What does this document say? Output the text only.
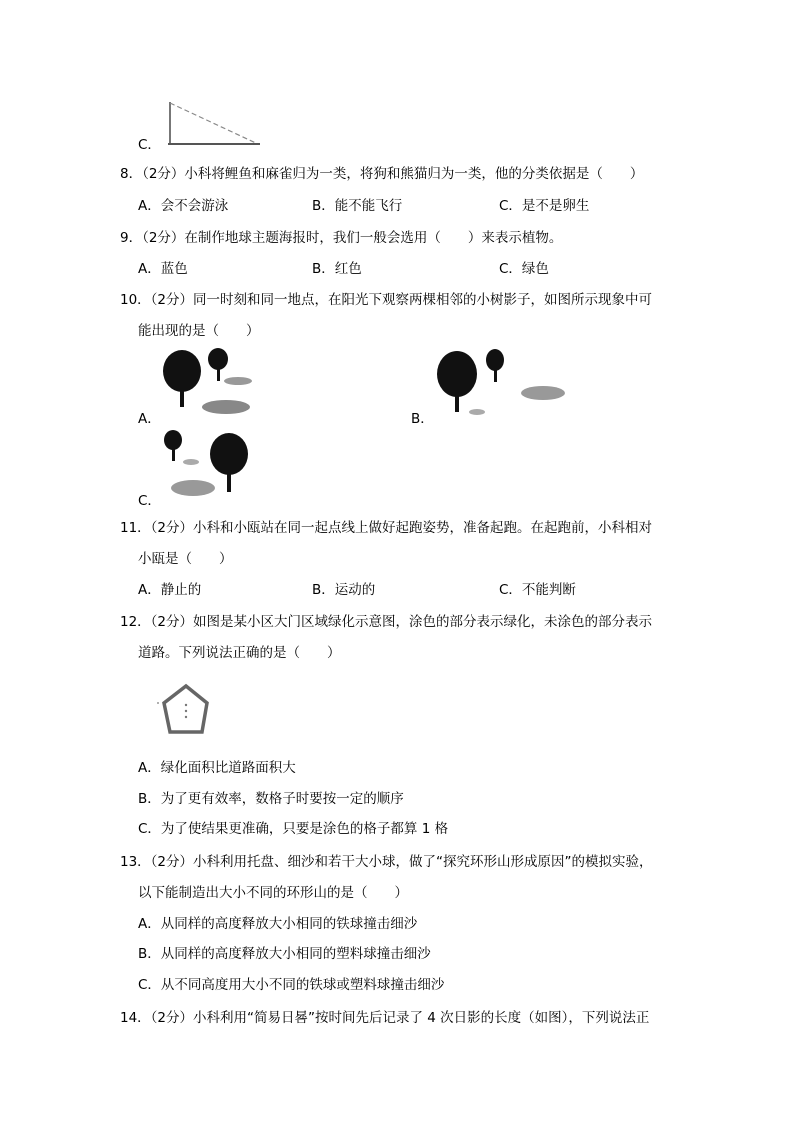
C．
8．（2分）小科将鲤鱼和麻雀归为一类，将狗和熊猫归为一类，他的分类依据是（　　）
A．会不会游泳	B．能不能飞行	C．是不是卵生
9．（2分）在制作地球主题海报时，我们一般会选用（　　）来表示植物。
A．蓝色	B．红色	C．绿色
10．（2分）同一时刻和同一地点，在阳光下观察两棵相邻的小树影子，如图所示现象中可
能出现的是（　　）
A．	B．
C．
11．（2分）小科和小瓯站在同一起点线上做好起跑姿势，准备起跑。在起跑前，小科相对
小瓯是（　　）
A．静止的	B．运动的	C．不能判断
12．（2分）如图是某小区大门区域绿化示意图，涂色的部分表示绿化，未涂色的部分表示
道路。下列说法正确的是（　　）
A．绿化面积比道路面积大
B．为了更有效率，数格子时要按一定的顺序
C．为了使结果更准确，只要是涂色的格子都算 1 格
13．（2分）小科利用托盘、细沙和若干大小球，做了“探究环形山形成原因”的模拟实验，
以下能制造出大小不同的环形山的是（　　）
A．从同样的高度释放大小相同的铁球撞击细沙
B．从同样的高度释放大小相同的塑料球撞击细沙
C．从不同高度用大小不同的铁球或塑料球撞击细沙
14．（2分）小科利用“简易日晷”按时间先后记录了 4 次日影的长度（如图），下列说法正
